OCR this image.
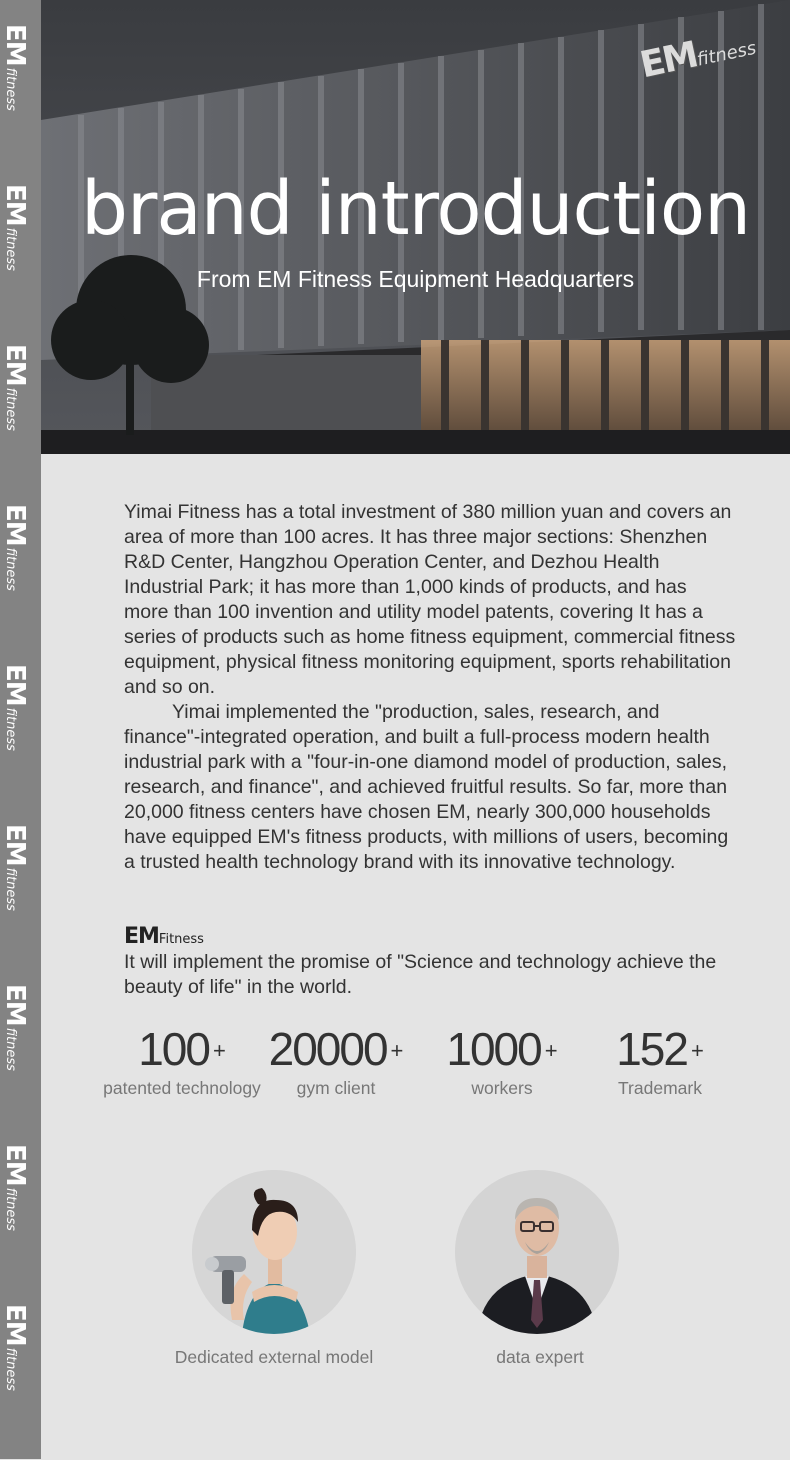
EMfitness
EMfitness
EMfitness
EMfitness
EMfitness
EMfitness
EMfitness
EMfitness
EMfitness
EMfitness
brand introduction
From EM Fitness Equipment Headquarters

Yimai Fitness has a total investment of 380 million yuan and covers an area of more than 100 acres. It has three major sections: Shenzhen R&D Center, Hangzhou Operation Center, and Dezhou Health Industrial Park; it has more than 1,000 kinds of products, and has more than 100 invention and utility model patents, covering It has a series of products such as home fitness equipment, commercial fitness equipment, physical fitness monitoring equipment, sports rehabilitation and so on.

Yimai implemented the "production, sales, research, and finance"-integrated operation, and built a full-process modern health industrial park with a "four-in-one diamond model of production, sales, research, and finance", and achieved fruitful results. So far, more than 20,000 fitness centers have chosen EM, nearly 300,000 households have equipped EM's fitness products, with millions of users, becoming a trusted health technology brand with its innovative technology.

EMFitness
It will implement the promise of "Science and technology achieve the beauty of life" in the world.
100 +
patented technology
20000 +
gym client
1000 +
workers
152 +
Trademark
Dedicated external model	data expert
